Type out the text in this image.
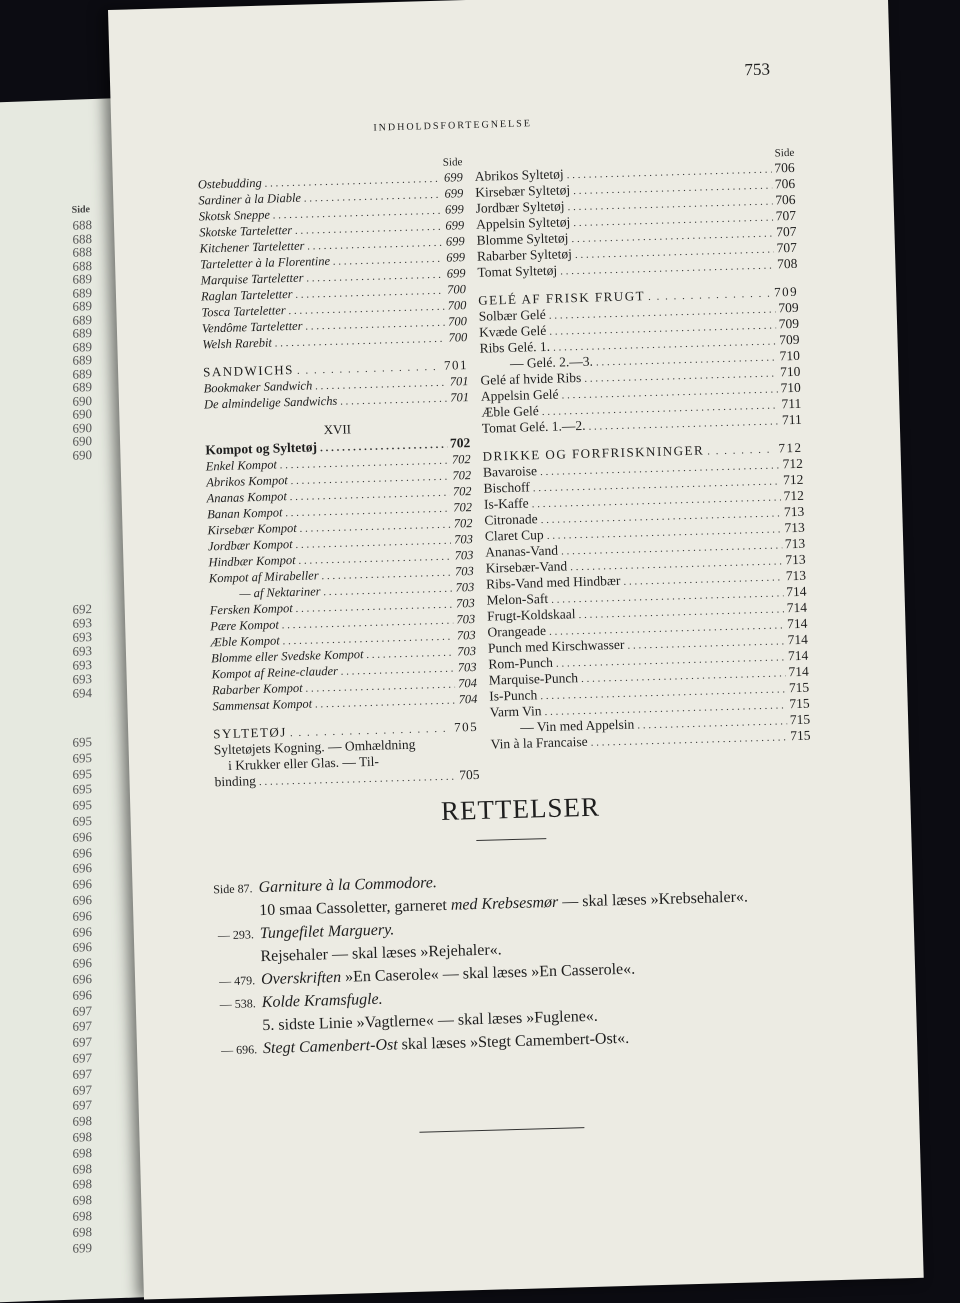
Side
688
688
688
688
689
689
689
689
689
689
689
689
689
690
690
690
690
690
692
693
693
693
693
693
694
695
695
695
695
695
695
696
696
696
696
696
696
696
696
696
696
696
697
697
697
697
697
697
697
698
698
698
698
698
698
698
698
699
753
INDHOLDSFORTEGNELSE
Side
Ostebudding . . .	699
Sardiner à la Diable . . .	699
Skotsk Sneppe . . .	699
Skotske Tarteletter . . .	699
Kitchener Tarteletter . . .	699
Tarteletter à la Florentine . . .	699
Marquise Tarteletter . . .	699
Raglan Tarteletter . . .	700
Tosca Tarteletter . . .	700
Vendôme Tarteletter . . .	700
Welsh Rarebit . . .	700
SANDWICHS . . .	701
Bookmaker Sandwich . . .	701
De almindelige Sandwichs . . .	701
XVII
Kompot og Syltetøj . . .	702
Enkel Kompot . . .	702
Abrikos Kompot . . .	702
Ananas Kompot . . .	702
Banan Kompot . . .	702
Kirsebær Kompot . . .	702
Jordbær Kompot . . .	703
Hindbær Kompot . . .	703
Kompot af Mirabeller . . .	703
— af Nektariner . . .	703
Fersken Kompot . . .	703
Pære Kompot . . .	703
Æble Kompot . . .	703
Blomme eller Svedske Kompot . . .	703
Kompot af Reine-clauder . . .	703
Rabarber Kompot . . .	704
Sammensat Kompot . . .	704
SYLTETØJ . . .	705
Syltetøjets Kogning. — Omhældning
i Krukker eller Glas. — Til-
binding . . .	705
Side
Abrikos Syltetøj . . .	706
Kirsebær Syltetøj . . .	706
Jordbær Syltetøj . . .	706
Appelsin Syltetøj . . .	707
Blomme Syltetøj . . .	707
Rabarber Syltetøj . . .	707
Tomat Syltetøj . . .	708
GELÉ AF FRISK FRUGT . . .	709
Solbær Gelé . . .	709
Kvæde Gelé . . .	709
Ribs Gelé. 1. . . .	709
— Gelé. 2.—3. . . .	710
Gelé af hvide Ribs . . .	710
Appelsin Gelé . . .	710
Æble Gelé . . .	711
Tomat Gelé. 1.—2. . . .	711
DRIKKE OG FORFRISKNINGER . . .	712
Bavaroise . . .	712
Bischoff . . .	712
Is-Kaffe . . .	712
Citronade . . .	713
Claret Cup . . .	713
Ananas-Vand . . .	713
Kirsebær-Vand . . .	713
Ribs-Vand med Hindbær . . .	713
Melon-Saft . . .	714
Frugt-Koldskaal . . .	714
Orangeade . . .	714
Punch med Kirschwasser . . .	714
Rom-Punch . . .	714
Marquise-Punch . . .	714
Is-Punch . . .	715
Varm Vin . . .	715
— Vin med Appelsin . . .	715
Vin à la Francaise . . .	715
RETTELSER
Side 87. Garniture à la Commodore.
10 smaa Cassoletter, garneret med Krebsesmør — skal læses »Krebsehaler«.
— 293. Tungefilet Marguery.
Rejsehaler — skal læses »Rejehaler«.
— 479. Overskriften »En Caserole« — skal læses »En Casserole«.
— 538. Kolde Kramsfugle.
5. sidste Linie »Vagtlerne« — skal læses »Fuglene«.
— 696. Stegt Camenbert-Ost skal læses »Stegt Camembert-Ost«.
